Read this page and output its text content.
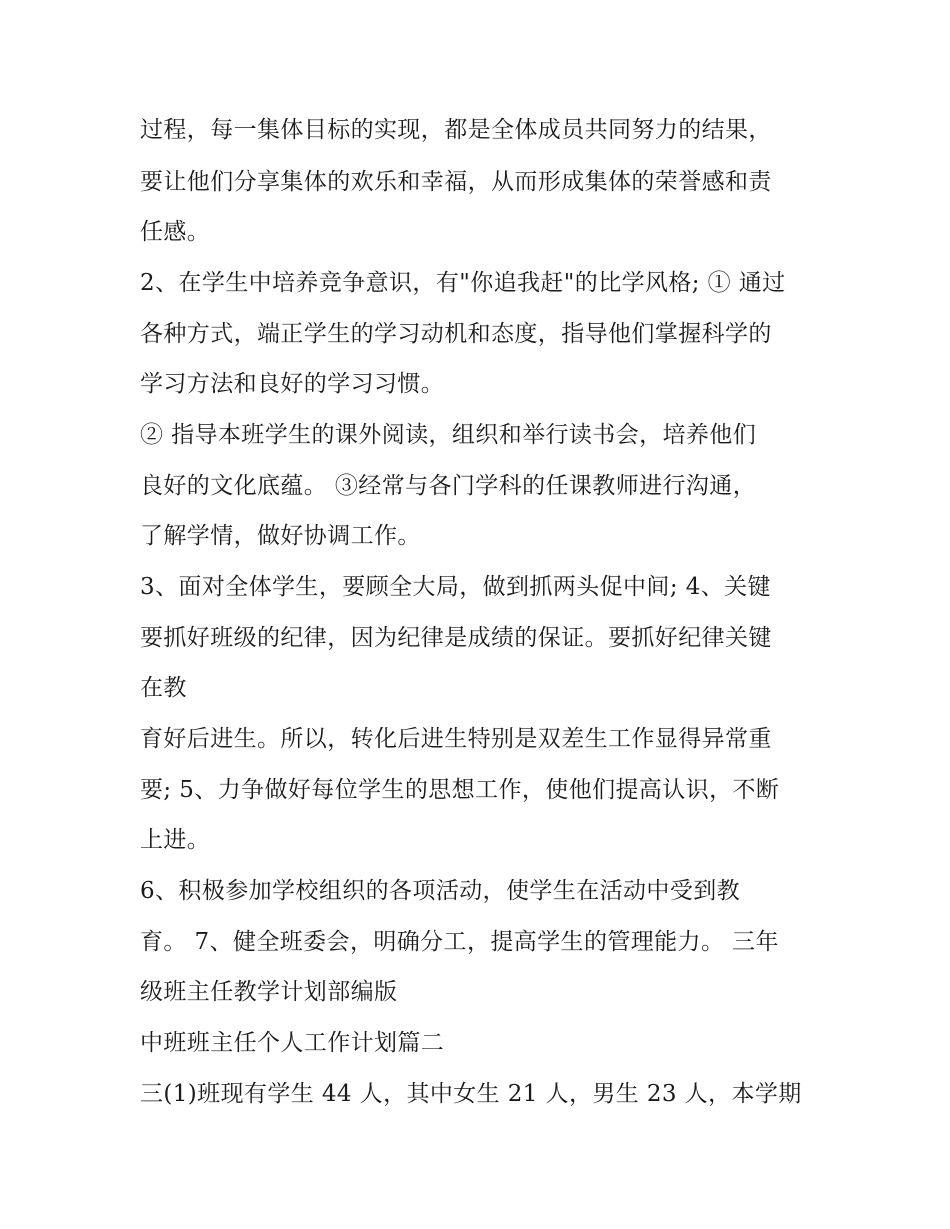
过程，每一集体目标的实现，都是全体成员共同努力的结果，
要让他们分享集体的欢乐和幸福，从而形成集体的荣誉感和责
任感。
2、在学生中培养竞争意识，有"你追我赶"的比学风格; ① 通过
各种方式，端正学生的学习动机和态度，指导他们掌握科学的
学习方法和良好的学习习惯。
② 指导本班学生的课外阅读，组织和举行读书会，培养他们
良好的文化底蕴。 ③经常与各门学科的任课教师进行沟通，
了解学情，做好协调工作。
3、面对全体学生，要顾全大局，做到抓两头促中间; 4、关键
要抓好班级的纪律，因为纪律是成绩的保证。要抓好纪律关键
在教
育好后进生。所以，转化后进生特别是双差生工作显得异常重
要; 5、力争做好每位学生的思想工作，使他们提高认识，不断
上进。
6、积极参加学校组织的各项活动，使学生在活动中受到教
育。 7、健全班委会，明确分工，提高学生的管理能力。 三年
级班主任教学计划部编版
中班班主任个人工作计划篇二
三(1)班现有学生 44 人，其中女生 21 人，男生 23 人，本学期
